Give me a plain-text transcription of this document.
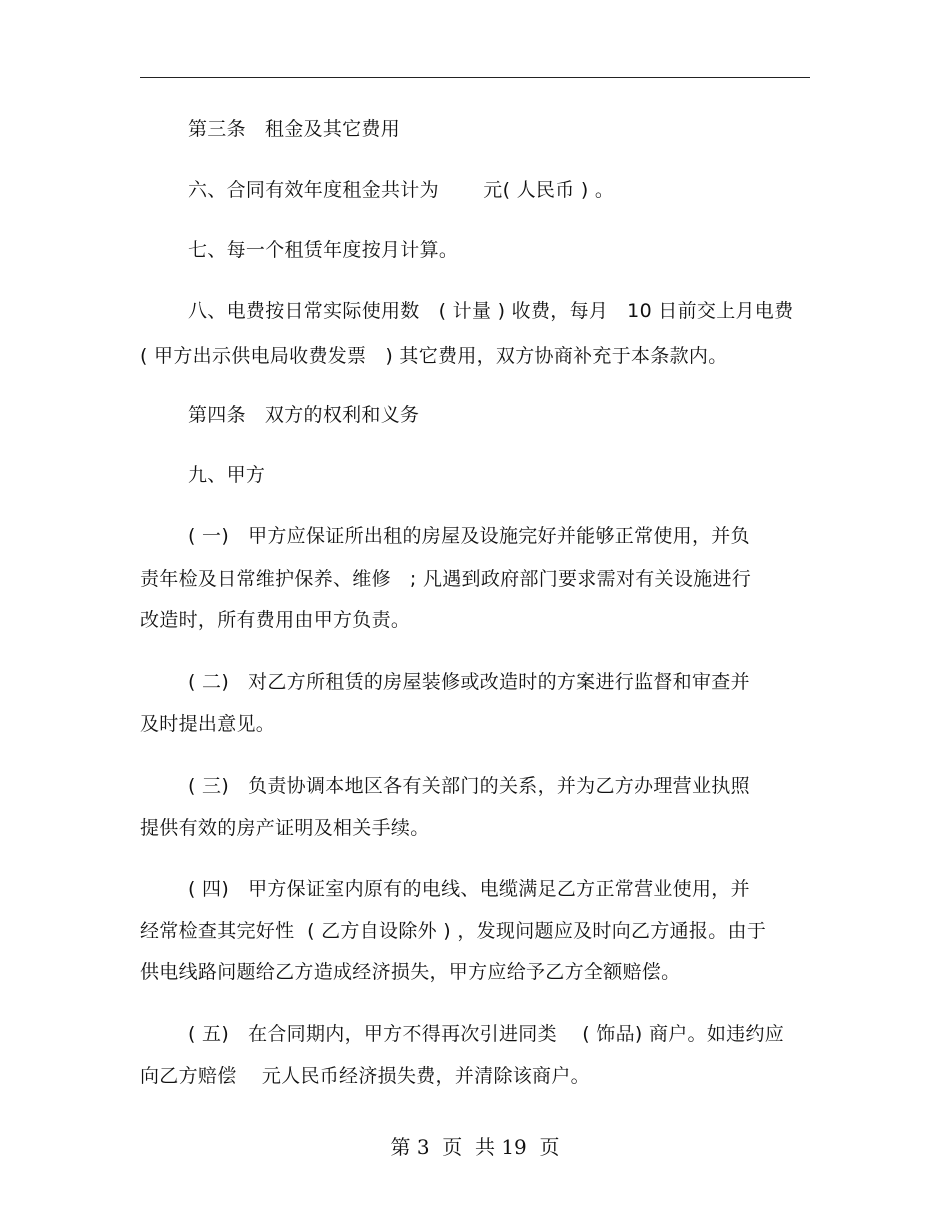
第三条   租金及其它费用
六、合同有效年度租金共计为       元( 人民币 ) 。
七、每一个租赁年度按月计算。
八、电费按日常实际使用数   ( 计量 ) 收费，每月   10 日前交上月电费
( 甲方出示供电局收费发票   ) 其它费用，双方协商补充于本条款内。
第四条   双方的权利和义务
九、甲方
( 一)   甲方应保证所出租的房屋及设施完好并能够正常使用，并负
责年检及日常维护保养、维修   ; 凡遇到政府部门要求需对有关设施进行
改造时，所有费用由甲方负责。
( 二)   对乙方所租赁的房屋装修或改造时的方案进行监督和审查并
及时提出意见。
( 三)   负责协调本地区各有关部门的关系，并为乙方办理营业执照
提供有效的房产证明及相关手续。
( 四)   甲方保证室内原有的电线、电缆满足乙方正常营业使用，并
经常检查其完好性  ( 乙方自设除外 ) ，发现问题应及时向乙方通报。由于
供电线路问题给乙方造成经济损失，甲方应给予乙方全额赔偿。
( 五)   在合同期内，甲方不得再次引进同类    ( 饰品) 商户。如违约应
向乙方赔偿    元人民币经济损失费，并清除该商户。
第 3  页  共 19  页
